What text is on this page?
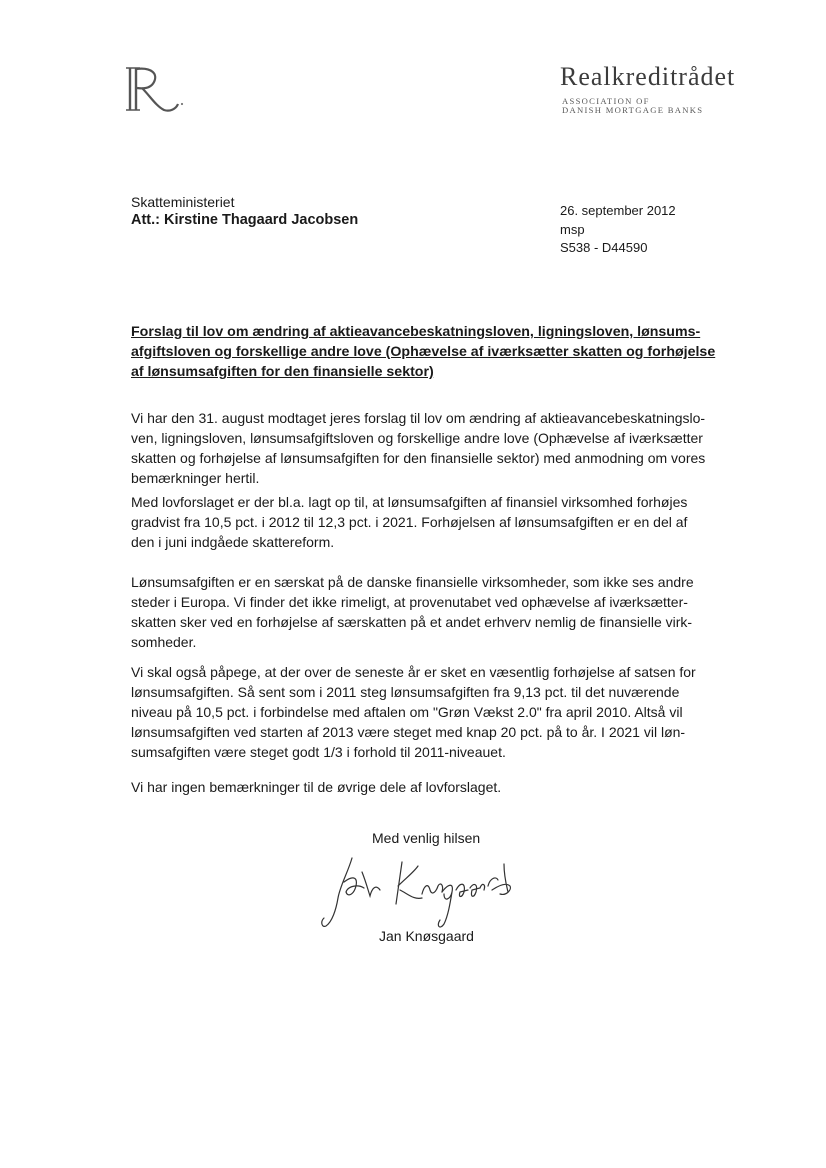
Realkreditrådet
ASSOCIATION OF
DANISH MORTGAGE BANKS
Skatteministeriet
Att.: Kirstine Thagaard Jacobsen
26. september 2012
msp
S538 - D44590
Forslag til lov om ændring af aktieavancebeskatningsloven, ligningsloven, lønsums-
afgiftsloven og forskellige andre love (Ophævelse af iværksætter skatten og forhøjelse
af lønsumsafgiften for den finansielle sektor)
Vi har den 31. august modtaget jeres forslag til lov om ændring af aktieavancebeskatningslo-
ven, ligningsloven, lønsumsafgiftsloven og forskellige andre love (Ophævelse af iværksætter
skatten og forhøjelse af lønsumsafgiften for den finansielle sektor) med anmodning om vores
bemærkninger hertil.
Med lovforslaget er der bl.a. lagt op til, at lønsumsafgiften af finansiel virksomhed forhøjes
gradvist fra 10,5 pct. i 2012 til 12,3 pct. i 2021. Forhøjelsen af lønsumsafgiften er en del af
den i juni indgåede skattereform.
Lønsumsafgiften er en særskat på de danske finansielle virksomheder, som ikke ses andre
steder i Europa. Vi finder det ikke rimeligt, at provenutabet ved ophævelse af iværksætter-
skatten sker ved en forhøjelse af særskatten på et andet erhverv nemlig de finansielle virk-
somheder.
Vi skal også påpege, at der over de seneste år er sket en væsentlig forhøjelse af satsen for
lønsumsafgiften. Så sent som i 2011 steg lønsumsafgiften fra 9,13 pct. til det nuværende
niveau på 10,5 pct. i forbindelse med aftalen om "Grøn Vækst 2.0" fra april 2010. Altså vil
lønsumsafgiften ved starten af 2013 være steget med knap 20 pct. på to år. I 2021 vil løn-
sumsafgiften være steget godt 1/3 i forhold til 2011-niveauet.
Vi har ingen bemærkninger til de øvrige dele af lovforslaget.
Med venlig hilsen
Jan Knøsgaard
